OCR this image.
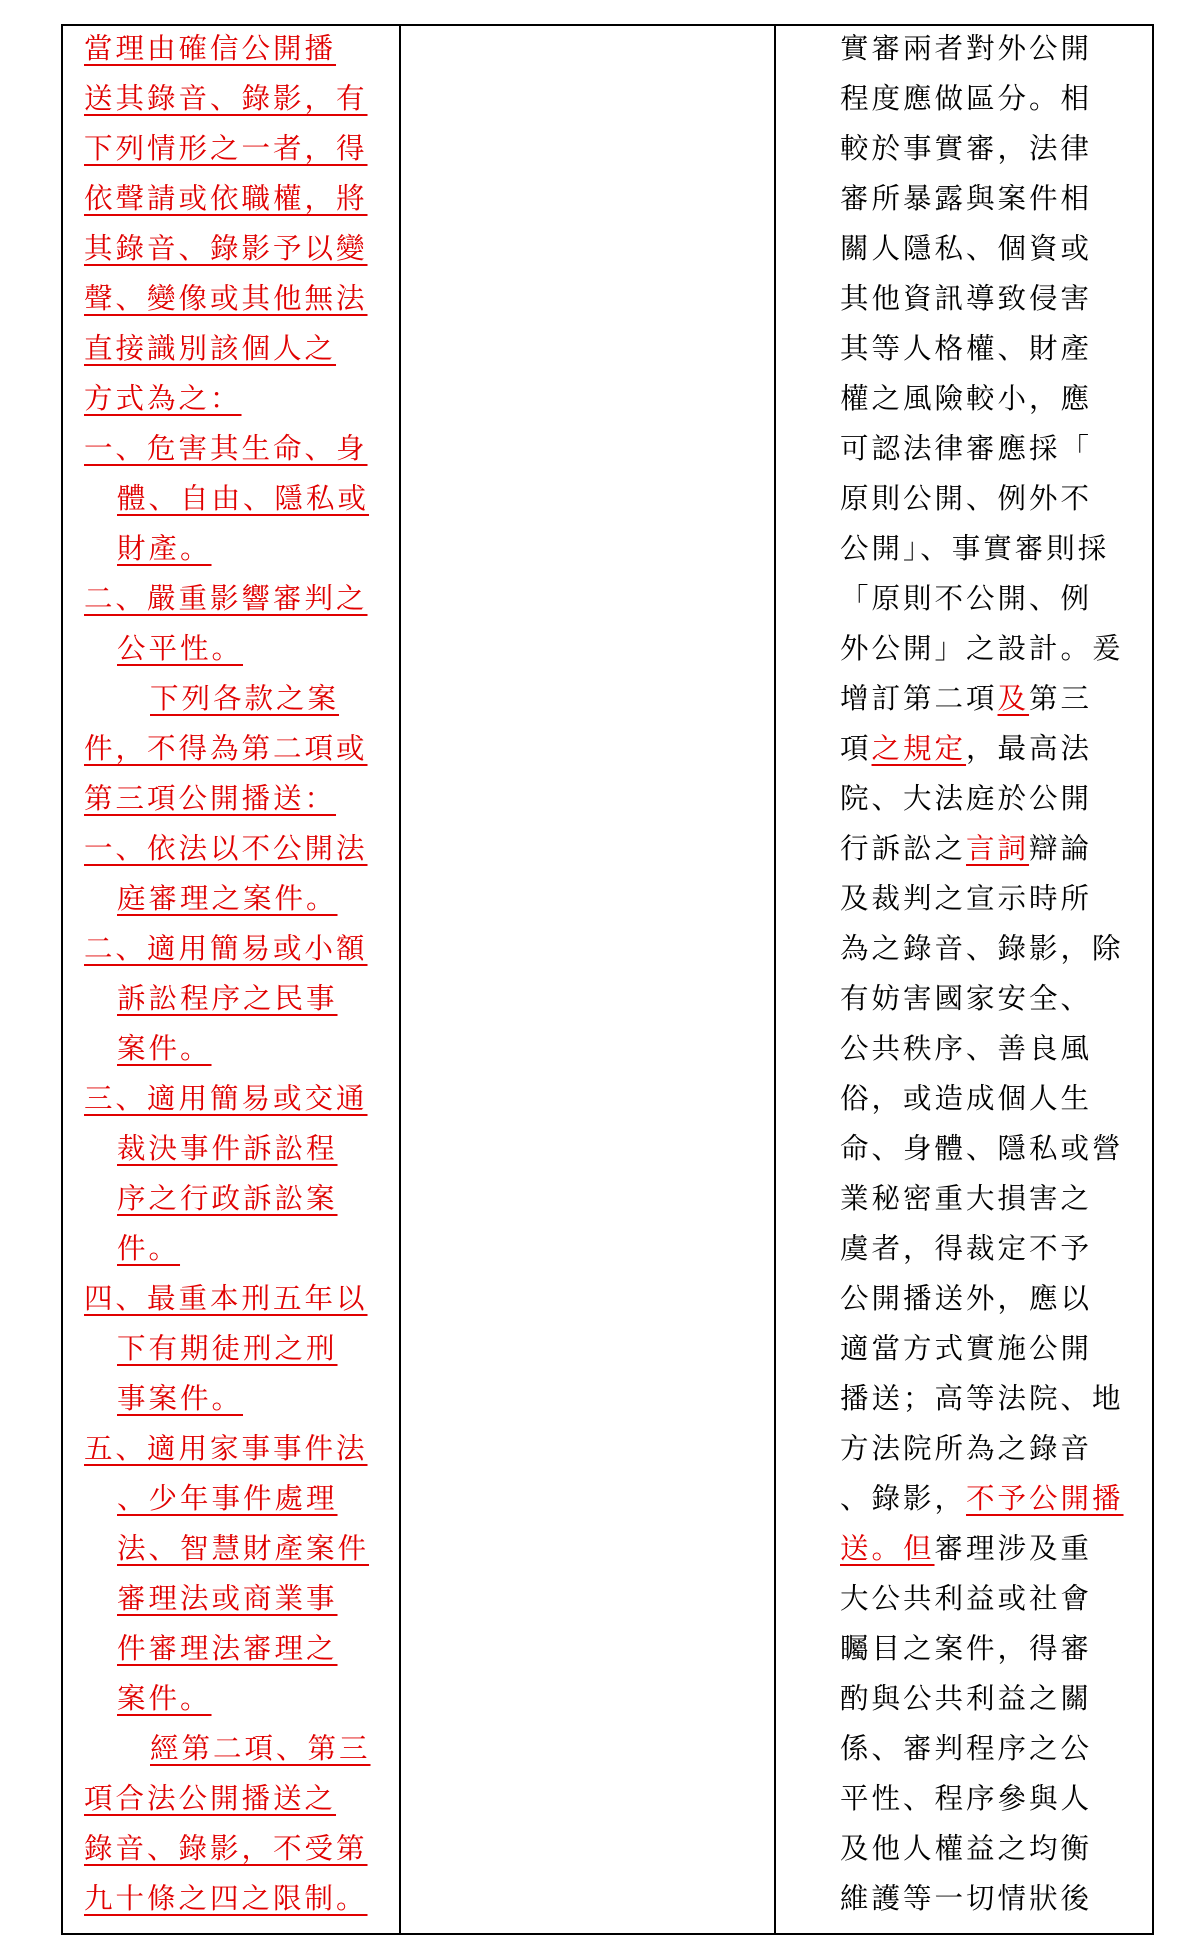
當理由確信公開播
送其錄音、錄影，有
下列情形之一者，得
依聲請或依職權，將
其錄音、錄影予以變
聲、變像或其他無法
直接識別該個人之
方式為之：
一、危害其生命、身
體、自由、隱私或
財產。
二、嚴重影響審判之
公平性。
下列各款之案
件，不得為第二項或
第三項公開播送：
一、依法以不公開法
庭審理之案件。
二、適用簡易或小額
訴訟程序之民事
案件。
三、適用簡易或交通
裁決事件訴訟程
序之行政訴訟案
件。
四、最重本刑五年以
下有期徒刑之刑
事案件。
五、適用家事事件法
、少年事件處理
法、智慧財產案件
審理法或商業事
件審理法審理之
案件。
經第二項、第三
項合法公開播送之
錄音、錄影，不受第
九十條之四之限制。
實審兩者對外公開
程度應做區分。相
較於事實審，法律
審所暴露與案件相
關人隱私、個資或
其他資訊導致侵害
其等人格權、財產
權之風險較小，應
可認法律審應採「
原則公開、例外不
公開」、事實審則採
「原則不公開、例
外公開」之設計。爰
增訂第二項及第三
項之規定，最高法
院、大法庭於公開
行訴訟之言詞辯論
及裁判之宣示時所
為之錄音、錄影，除
有妨害國家安全、
公共秩序、善良風
俗，或造成個人生
命、身體、隱私或營
業秘密重大損害之
虞者，得裁定不予
公開播送外，應以
適當方式實施公開
播送；高等法院、地
方法院所為之錄音
、錄影，不予公開播
送。但審理涉及重
大公共利益或社會
矚目之案件，得審
酌與公共利益之關
係、審判程序之公
平性、程序參與人
及他人權益之均衡
維護等一切情狀後
